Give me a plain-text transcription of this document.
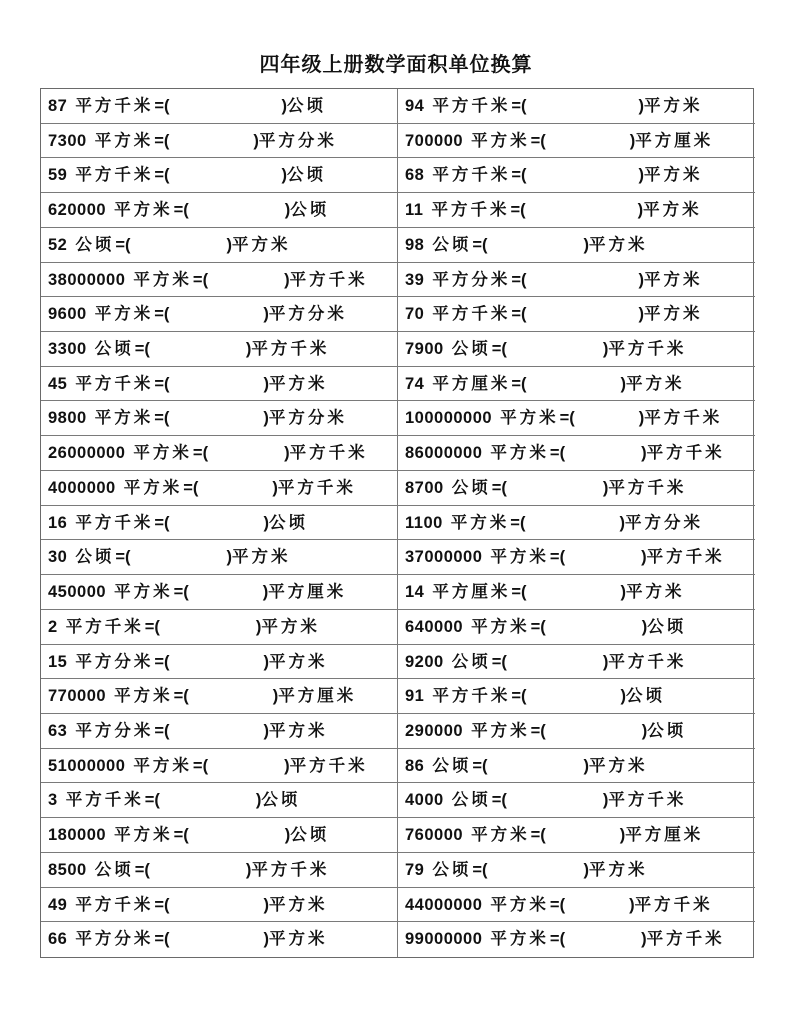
四年级上册数学面积单位换算
87 平方千米=(	)公顷	94 平方千米=(	)平方米
7300 平方米=(	)平方分米	700000 平方米=(	)平方厘米
59 平方千米=(	)公顷	68 平方千米=(	)平方米
620000 平方米=(	)公顷	11 平方千米=(	)平方米
52 公顷=(	)平方米	98 公顷=(	)平方米
38000000 平方米=(	)平方千米 39 平方分米=(	)平方米
9600 平方米=(	)平方分米	70 平方千米=(	)平方米
3300 公顷=(	)平方千米	7900 公顷=(	)平方千米
45 平方千米=(	)平方米	74 平方厘米=(	)平方米
9800 平方米=(	)平方分米	100000000 平方米=(	)平方千米
26000000 平方米=(	)平方千米 86000000 平方米=(	)平方千米
4000000 平方米=(	)平方千米	8700 公顷=(	)平方千米
16 平方千米=(	)公顷	1100 平方米=(	)平方分米
30 公顷=(	)平方米	37000000 平方米=(	)平方千米
450000 平方米=(	)平方厘米	14 平方厘米=(	)平方米
2 平方千米=(	)平方米	640000 平方米=(	)公顷
15 平方分米=(	)平方米	9200 公顷=(	)平方千米
770000 平方米=(	)平方厘米	91 平方千米=(	)公顷
63 平方分米=(	)平方米	290000 平方米=(	)公顷
51000000 平方米=(	)平方千米 86 公顷=(	)平方米
3 平方千米=(	)公顷	4000 公顷=(	)平方千米
180000 平方米=(	)公顷	760000 平方米=(	)平方厘米
8500 公顷=(	)平方千米	79 公顷=(	)平方米
49 平方千米=(	)平方米	44000000 平方米=(	)平方千米
66 平方分米=(	)平方米	99000000 平方米=(	)平方千米
